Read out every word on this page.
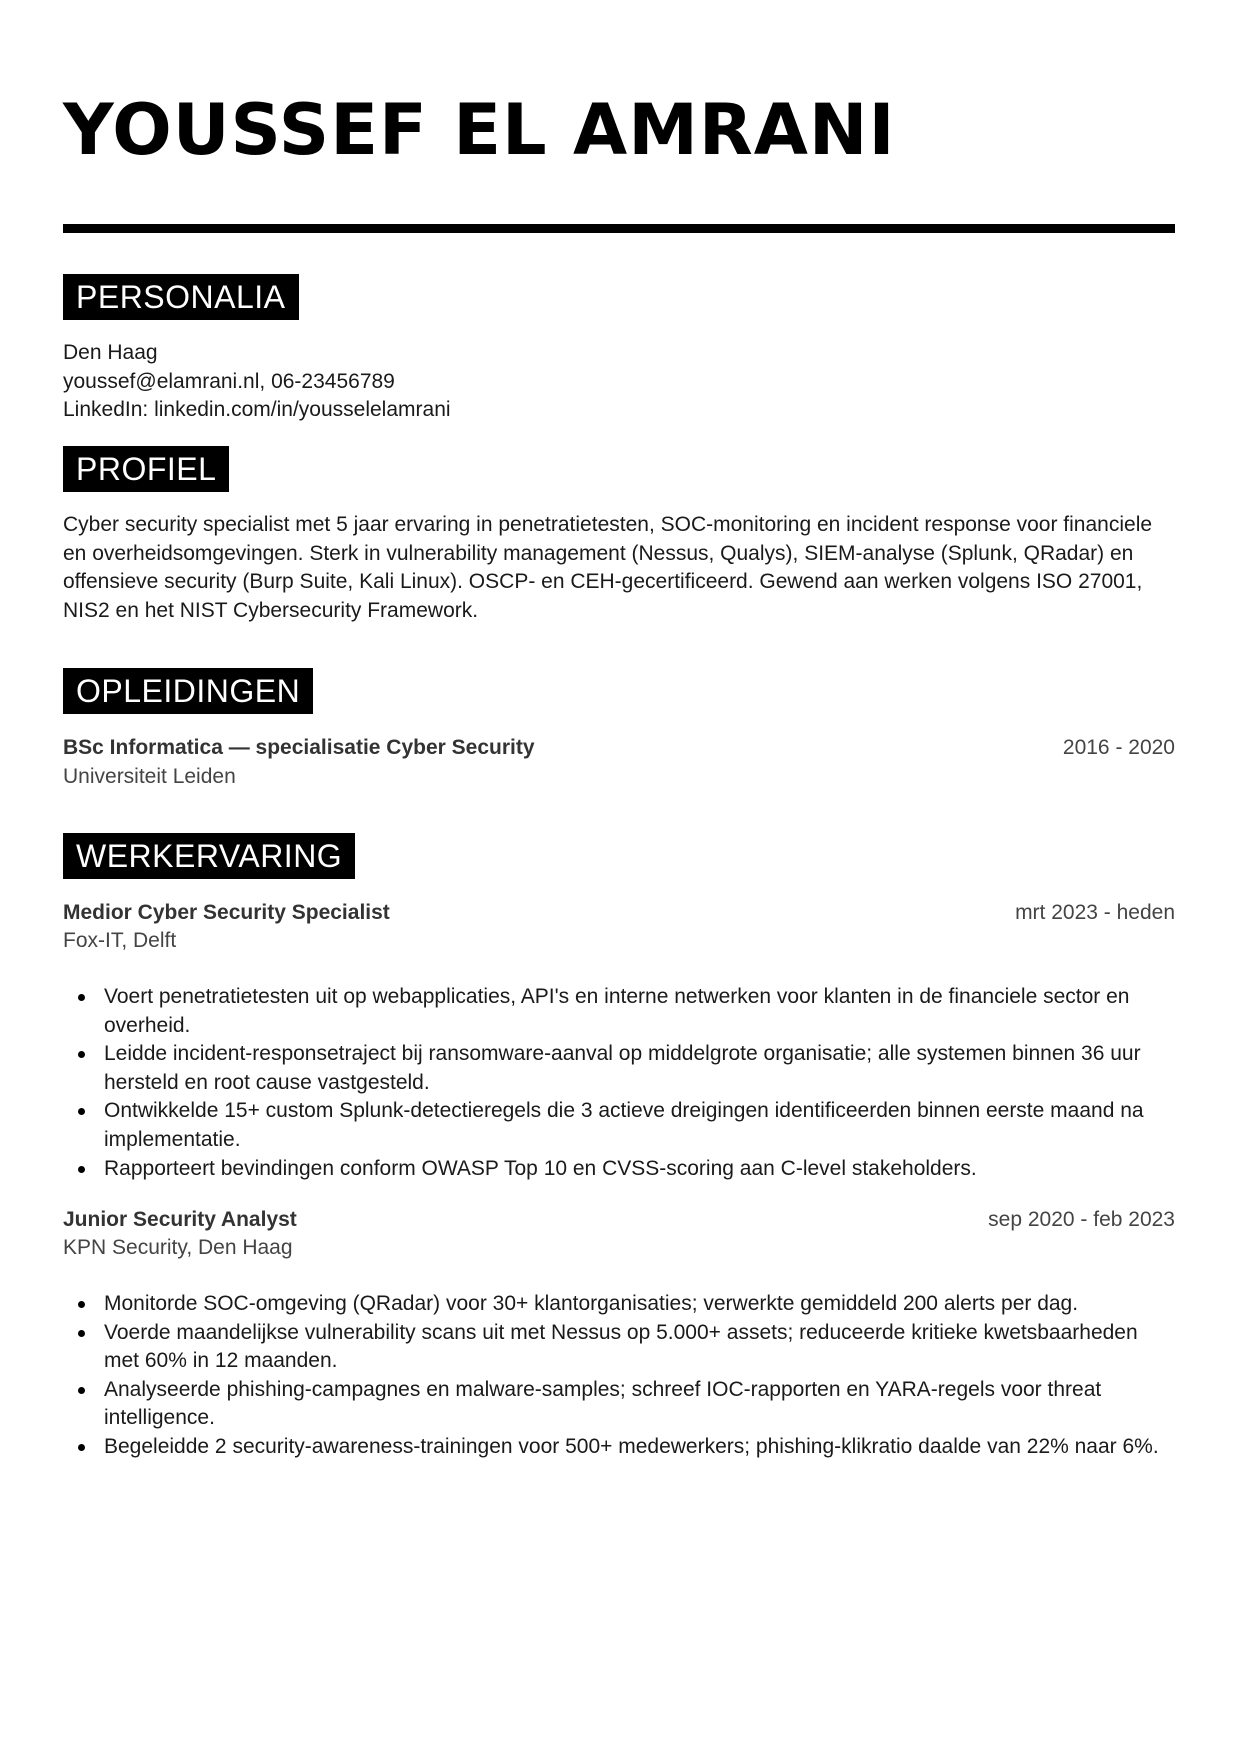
YOUSSEF EL AMRANI
PERSONALIA

Den Haag

youssef@elamrani.nl, 06-23456789

LinkedIn: linkedin.com/in/yousselelamrani

PROFIEL

Cyber security specialist met 5 jaar ervaring in penetratietesten, SOC-monitoring en incident response voor financiele en overheidsomgevingen. Sterk in vulnerability management (Nessus, Qualys), SIEM-analyse (Splunk, QRadar) en offensieve security (Burp Suite, Kali Linux). OSCP- en CEH-gecertificeerd. Gewend aan werken volgens ISO 27001, NIS2 en het NIST Cybersecurity Framework.

OPLEIDINGEN

BSc Informatica — specialisatie Cyber Security	2016 - 2020

Universiteit Leiden

WERKERVARING

Medior Cyber Security Specialist	mrt 2023 - heden

Fox-IT, Delft

Voert penetratietesten uit op webapplicaties, API's en interne netwerken voor klanten in de financiele sector en overheid.
Leidde incident-responsetraject bij ransomware-aanval op middelgrote organisatie; alle systemen binnen 36 uur hersteld en root cause vastgesteld.
Ontwikkelde 15+ custom Splunk-detectieregels die 3 actieve dreigingen identificeerden binnen eerste maand na implementatie.
Rapporteert bevindingen conform OWASP Top 10 en CVSS-scoring aan C-level stakeholders.

Junior Security Analyst	sep 2020 - feb 2023

KPN Security, Den Haag

Monitorde SOC-omgeving (QRadar) voor 30+ klantorganisaties; verwerkte gemiddeld 200 alerts per dag.
Voerde maandelijkse vulnerability scans uit met Nessus op 5.000+ assets; reduceerde kritieke kwetsbaarheden met 60% in 12 maanden.
Analyseerde phishing-campagnes en malware-samples; schreef IOC-rapporten en YARA-regels voor threat intelligence.
Begeleidde 2 security-awareness-trainingen voor 500+ medewerkers; phishing-klikratio daalde van 22% naar 6%.
